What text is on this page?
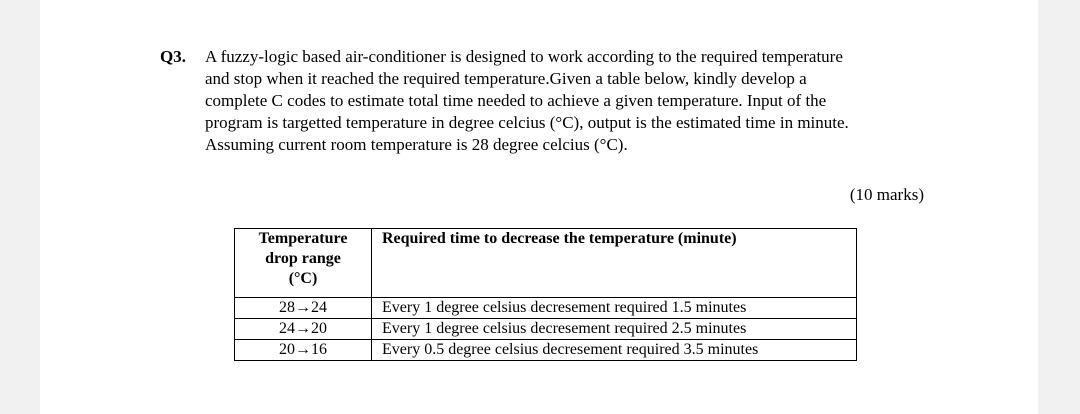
Q3. A fuzzy-logic based air-conditioner is designed to work according to the required temperature
and stop when it reached the required temperature.Given a table below, kindly develop a
complete C codes to estimate total time needed to achieve a given temperature. Input of the
program is targetted temperature in degree celcius (°C), output is the estimated time in minute.
Assuming current room temperature is 28 degree celcius (°C).
(10 marks)
Temperature
drop range
(°C)	Required time to decrease the temperature (minute)
28→24	Every 1 degree celsius decresement required 1.5 minutes
24→20	Every 1 degree celsius decresement required 2.5 minutes
20→16	Every 0.5 degree celsius decresement required 3.5 minutes
